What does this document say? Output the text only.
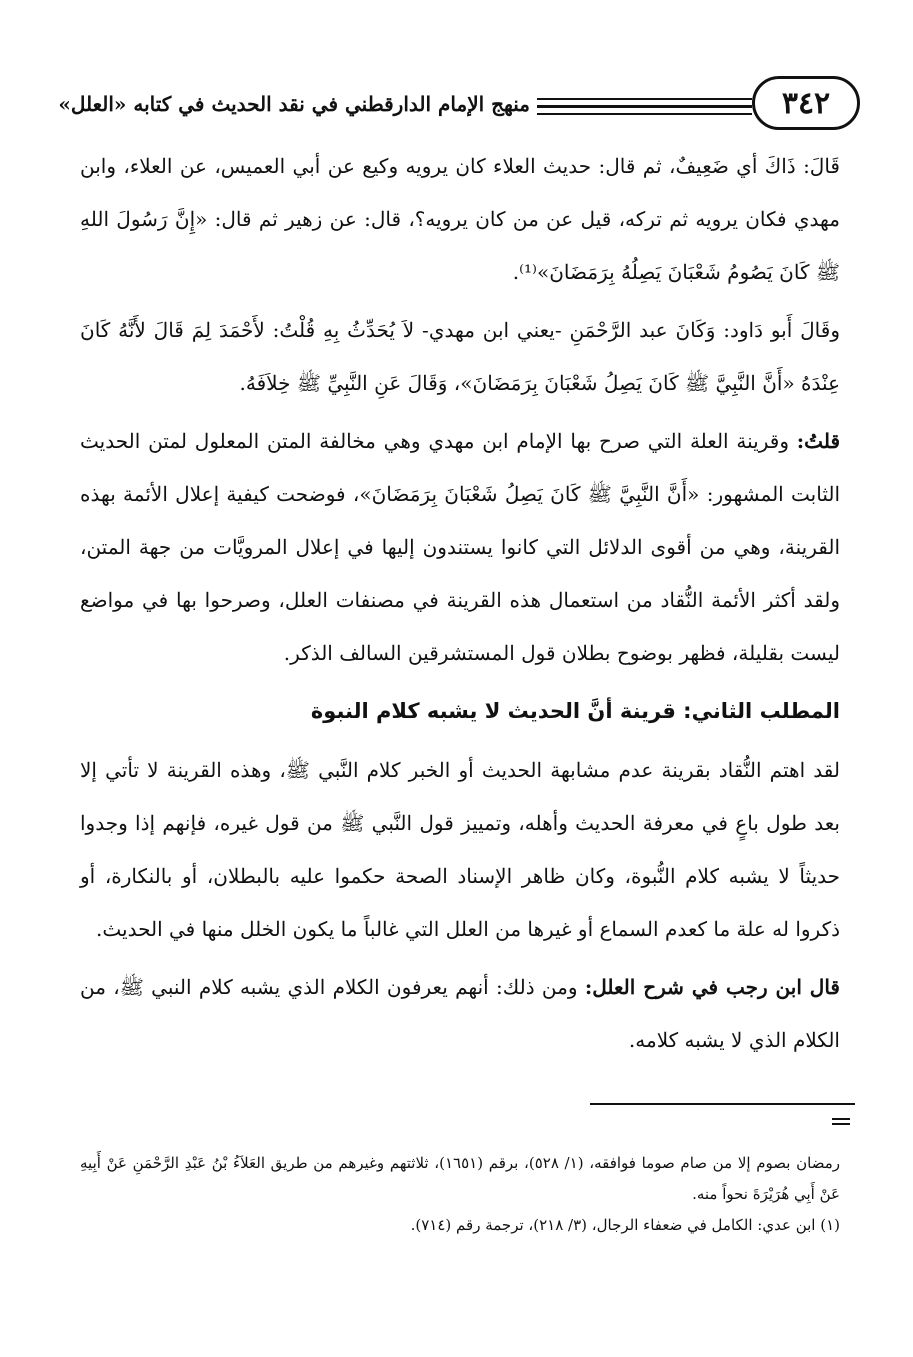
منهج الإمام الدارقطني في نقد الحديث في كتابه «العلل»	٣٤٢

قَالَ: ذَاكَ أي ضَعِيفٌ، ثم قال: حديث العلاء كان يرويه وكيع عن أبي العميس، عن العلاء، وابن مهدي فكان يرويه ثم تركه، قيل عن من كان يرويه؟، قال: عن زهير ثم قال: «إِنَّ رَسُولَ اللهِ ﷺ كَانَ يَصُومُ شَعْبَانَ يَصِلُهُ بِرَمَضَانَ»⁽¹⁾.

وقَالَ أَبو دَاود: وَكَانَ عبد الرَّحْمَنِ -يعني ابن مهدي- لاَ يُحَدِّثُ بِهِ قُلْتُ: لأَحْمَدَ لِمَ قَالَ لأَنَّهُ كَانَ عِنْدَهُ «أَنَّ النَّبِيَّ ﷺ كَانَ يَصِلُ شَعْبَانَ بِرَمَضَانَ»، وَقَالَ عَنِ النَّبِيِّ ﷺ خِلاَفَهُ.

قلتُ: وقرينة العلة التي صرح بها الإمام ابن مهدي وهي مخالفة المتن المعلول لمتن الحديث الثابت المشهور: «أَنَّ النَّبِيَّ ﷺ كَانَ يَصِلُ شَعْبَانَ بِرَمَضَانَ»، فوضحت كيفية إعلال الأئمة بهذه القرينة، وهي من أقوى الدلائل التي كانوا يستندون إليها في إعلال المرويَّات من جهة المتن، ولقد أكثر الأئمة النُّقاد من استعمال هذه القرينة في مصنفات العلل، وصرحوا بها في مواضع ليست بقليلة، فظهر بوضوح بطلان قول المستشرقين السالف الذكر.

المطلب الثاني: قرينة أنَّ الحديث لا يشبه كلام النبوة

لقد اهتم النُّقاد بقرينة عدم مشابهة الحديث أو الخبر كلام النَّبي ﷺ، وهذه القرينة لا تأتي إلا بعد طول باعٍ في معرفة الحديث وأهله، وتمييز قول النَّبي ﷺ من قول غيره، فإنهم إذا وجدوا حديثاً لا يشبه كلام النُّبوة، وكان ظاهر الإسناد الصحة حكموا عليه بالبطلان، أو بالنكارة، أو ذكروا له علة ما كعدم السماع أو غيرها من العلل التي غالباً ما يكون الخلل منها في الحديث.

قال ابن رجب في شرح العلل: ومن ذلك: أنهم يعرفون الكلام الذي يشبه كلام النبي ﷺ، من الكلام الذي لا يشبه كلامه.

رمضان بصوم إلا من صام صوما فوافقه، (١/ ٥٢٨)، برقم (١٦٥١)، ثلاثتهم وغيرهم من طريق العَلاَءُ بْنُ عَبْدِ الرَّحْمَنِ عَنْ أَبِيهِ عَنْ أَبِي هُرَيْرَةَ نحواً منه.

(١) ابن عدي: الكامل في ضعفاء الرجال، (٣/ ٢١٨)، ترجمة رقم (٧١٤).
